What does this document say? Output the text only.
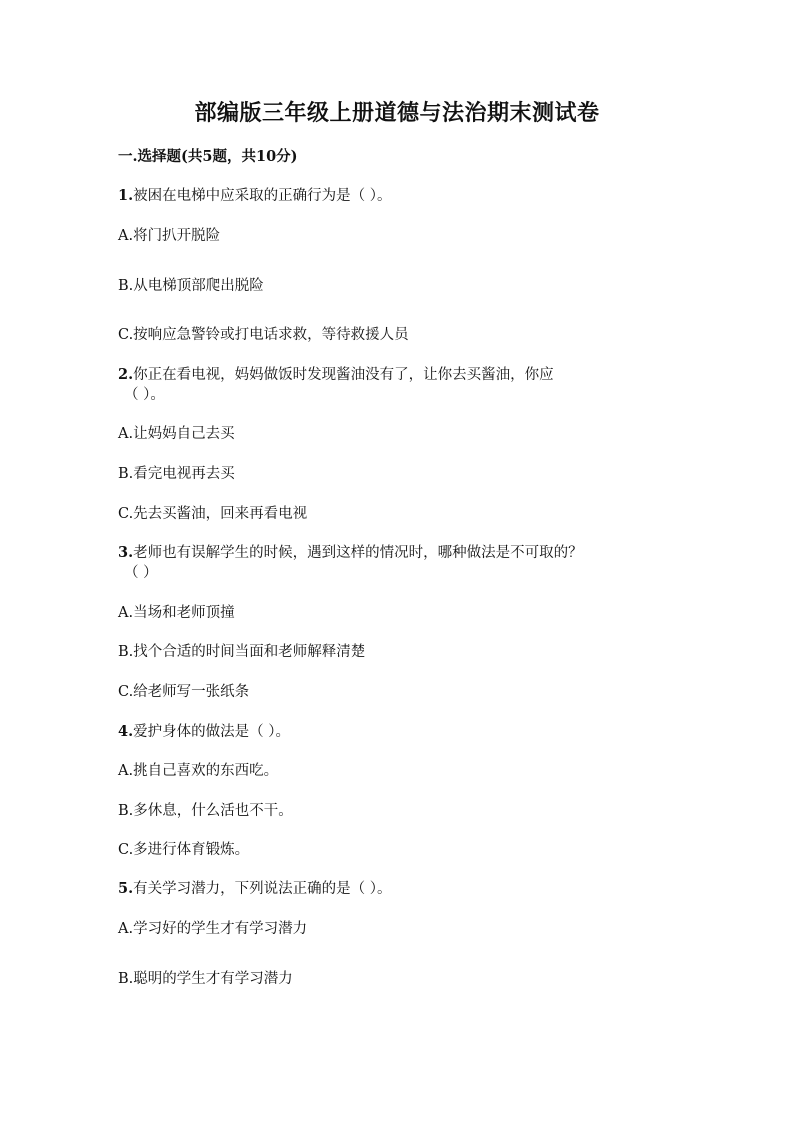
部编版三年级上册道德与法治期末测试卷
一.选择题(共5题，共10分)
1.被困在电梯中应采取的正确行为是（ ）。
A.将门扒开脱险
B.从电梯顶部爬出脱险
C.按响应急警铃或打电话求救，等待救援人员
2.你正在看电视，妈妈做饭时发现酱油没有了，让你去买酱油，你应
（ ）。
A.让妈妈自己去买
B.看完电视再去买
C.先去买酱油，回来再看电视
3.老师也有误解学生的时候，遇到这样的情况时，哪种做法是不可取的？
（ ）
A.当场和老师顶撞
B.找个合适的时间当面和老师解释清楚
C.给老师写一张纸条
4.爱护身体的做法是（ ）。
A.挑自己喜欢的东西吃。
B.多休息，什么活也不干。
C.多进行体育锻炼。
5.有关学习潜力，下列说法正确的是（ ）。
A.学习好的学生才有学习潜力
B.聪明的学生才有学习潜力
